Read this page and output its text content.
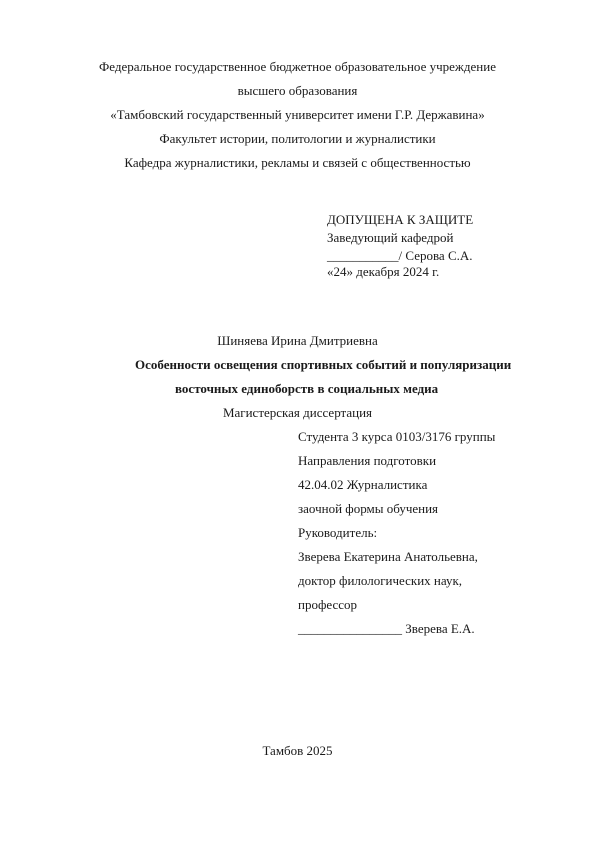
Федеральное государственное бюджетное образовательное учреждение
высшего образования
«Тамбовский государственный университет имени Г.Р. Державина»
Факультет истории, политологии и журналистики
Кафедра журналистики, рекламы и связей с общественностью
ДОПУЩЕНА К ЗАЩИТЕ
Заведующий кафедрой
___________/ Серова С.А.
«24» декабря 2024 г.
Шиняева Ирина Дмитриевна
Особенности освещения спортивных событий и популяризации
восточных единоборств в социальных медиа
Магистерская диссертация
Студента 3 курса 0103/3176 группы
Направления подготовки
42.04.02 Журналистика
заочной формы обучения
Руководитель:
Зверева Екатерина Анатольевна,
доктор филологических наук,
профессор
________________ Зверева Е.А.
Тамбов 2025
